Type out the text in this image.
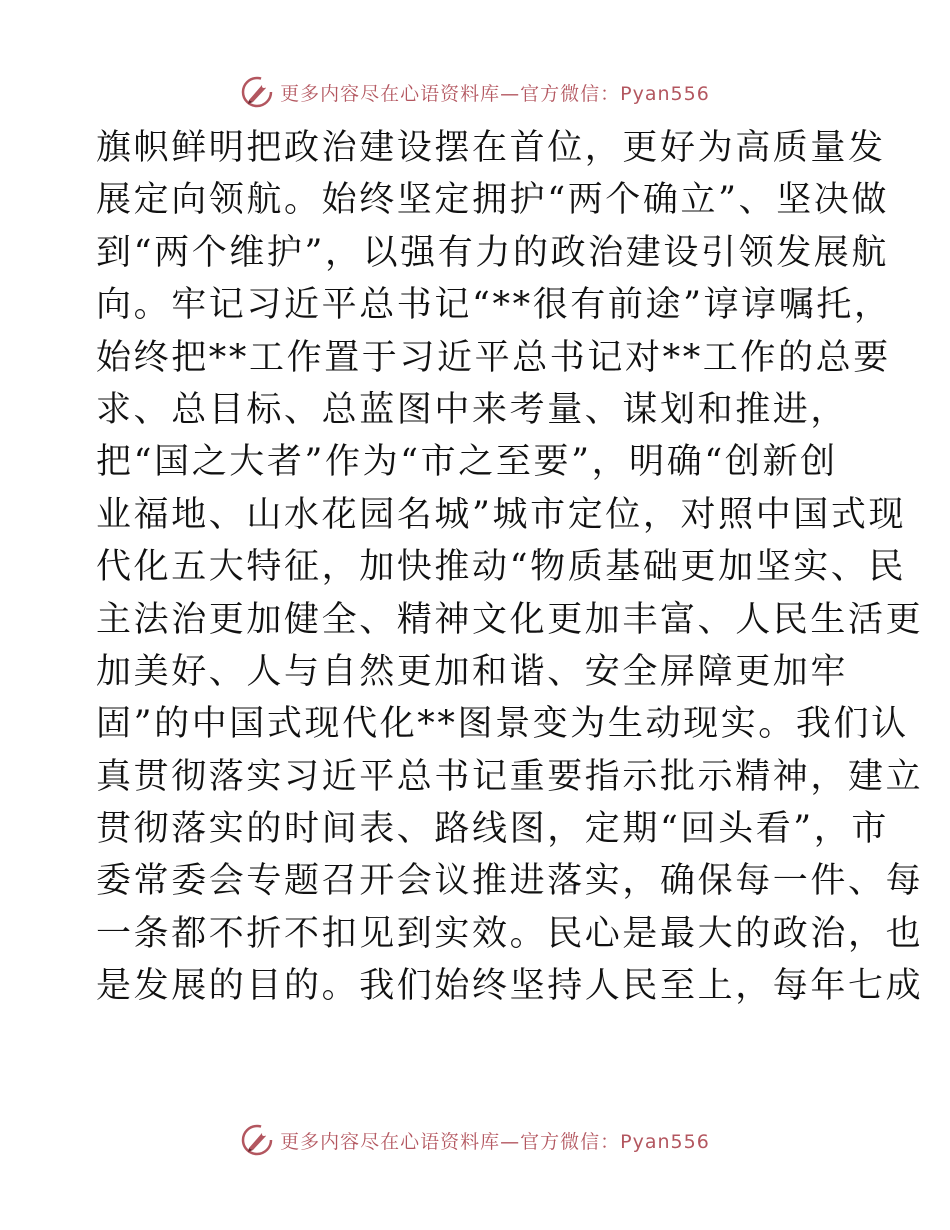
更多内容尽在心语资料库—官方微信：Pyan556
旗帜鲜明把政治建设摆在首位，更好为高质量发
展定向领航。始终坚定拥护“两个确立”、坚决做
到“两个维护”，以强有力的政治建设引领发展航
向。牢记习近平总书记“**很有前途”谆谆嘱托，
始终把**工作置于习近平总书记对**工作的总要
求、总目标、总蓝图中来考量、谋划和推进，
把“国之大者”作为“市之至要”，明确“创新创
业福地、山水花园名城”城市定位，对照中国式现
代化五大特征，加快推动“物质基础更加坚实、民
主法治更加健全、精神文化更加丰富、人民生活更
加美好、人与自然更加和谐、安全屏障更加牢
固”的中国式现代化**图景变为生动现实。我们认
真贯彻落实习近平总书记重要指示批示精神，建立
贯彻落实的时间表、路线图，定期“回头看”，市
委常委会专题召开会议推进落实，确保每一件、每
一条都不折不扣见到实效。民心是最大的政治，也
是发展的目的。我们始终坚持人民至上，每年七成
更多内容尽在心语资料库—官方微信：Pyan556
